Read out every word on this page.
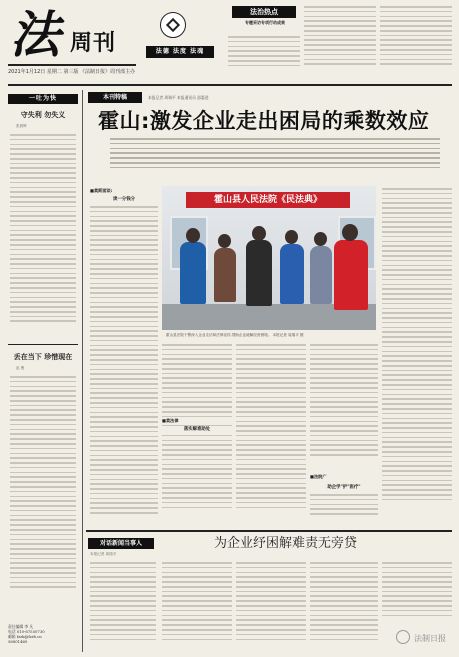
法 周刊
2021年1月12日 星期二 第三版 《法制日报》周刊部主办
法德 法度 法魂
法治热点
专题采访专项行动成果
一吐为快
守失利 勿失义
张晨晖
丢在当下 珍惜现在
赵 俊
本刊特稿	本报记者 周瑞平 本报通讯员 邵惠进
霍山:激发企业走出困局的乘数效应
■莫斯面谈:
读一分钱分	霍山县人民法院《民法典》
霍山县法院干警深入企业走访和法律宣传,帮助企业破解经营困境。 本报记者 周瑞平 摄
■莫法律
落实解难助处
■法院广
助企学"护"医疗"
对话新闻当事人
本报记者 周瑞平
为企业纾困解难责无旁贷
责任编辑 李 凡
电话 010-67550730
邮箱 fzzk@fzrb.cn
56801460	法制日报
